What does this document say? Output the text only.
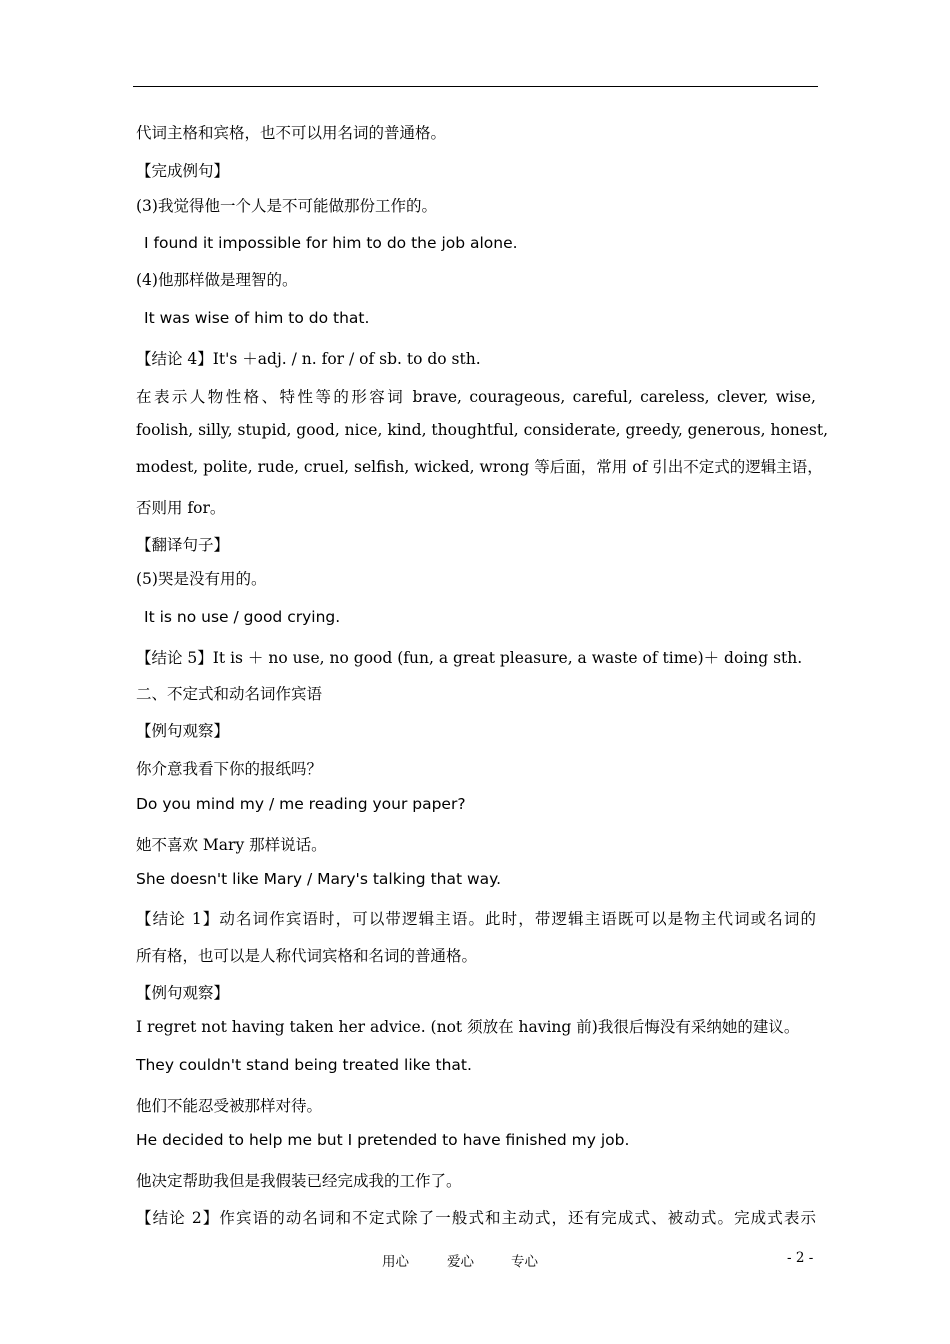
代词主格和宾格，也不可以用名词的普通格。
【完成例句】
(3)我觉得他一个人是不可能做那份工作的。
I found it impossible for him to do the job alone.
(4)他那样做是理智的。
It was wise of him to do that.
【结论 4】It's ＋adj. / n. for / of sb. to do sth.
在表示人物性格、特性等的形容词 brave, courageous, careful, careless, clever, wise,
foolish, silly, stupid, good, nice, kind, thoughtful, considerate, greedy, generous, honest,
modest, polite, rude, cruel, selfish, wicked, wrong 等后面，常用 of 引出不定式的逻辑主语，
否则用 for。
【翻译句子】
(5)哭是没有用的。
It is no use / good crying.
【结论 5】It is ＋ no use, no good (fun, a great pleasure, a waste of time)＋ doing sth.
二、不定式和动名词作宾语
【例句观察】
你介意我看下你的报纸吗？
Do you mind my / me reading your paper?
她不喜欢 Mary 那样说话。
She doesn't like Mary / Mary's talking that way.
【结论 1】动名词作宾语时，可以带逻辑主语。此时，带逻辑主语既可以是物主代词或名词的
所有格，也可以是人称代词宾格和名词的普通格。
【例句观察】
I regret not having taken her advice. (not 须放在 having 前)我很后悔没有采纳她的建议。
They couldn't stand being treated like that.
他们不能忍受被那样对待。
He decided to help me but I pretended to have finished my job.
他决定帮助我但是我假装已经完成我的工作了。
【结论 2】作宾语的动名词和不定式除了一般式和主动式，还有完成式、被动式。完成式表示
用心	爱心	专心	- 2 -
